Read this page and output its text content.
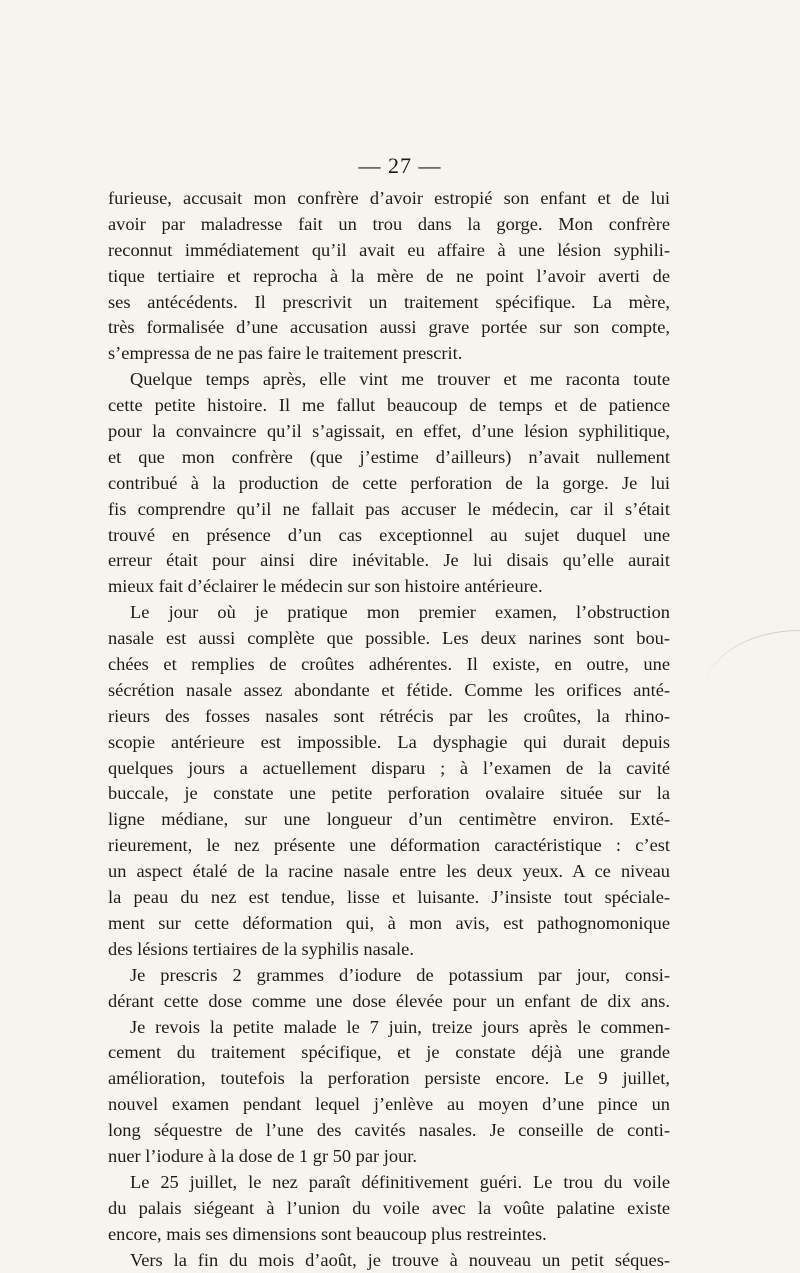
— 27 —
furieuse, accusait mon confrère d’avoir estropié son enfant et de lui
avoir par maladresse fait un trou dans la gorge. Mon confrère
reconnut immédiatement qu’il avait eu affaire à une lésion syphili-
tique tertiaire et reprocha à la mère de ne point l’avoir averti de
ses antécédents. Il prescrivit un traitement spécifique. La mère,
très formalisée d’une accusation aussi grave portée sur son compte,
s’empressa de ne pas faire le traitement prescrit.
Quelque temps après, elle vint me trouver et me raconta toute
cette petite histoire. Il me fallut beaucoup de temps et de patience
pour la convaincre qu’il s’agissait, en effet, d’une lésion syphilitique,
et que mon confrère (que j’estime d’ailleurs) n’avait nullement
contribué à la production de cette perforation de la gorge. Je lui
fis comprendre qu’il ne fallait pas accuser le médecin, car il s’était
trouvé en présence d’un cas exceptionnel au sujet duquel une
erreur était pour ainsi dire inévitable. Je lui disais qu’elle aurait
mieux fait d’éclairer le médecin sur son histoire antérieure.
Le jour où je pratique mon premier examen, l’obstruction
nasale est aussi complète que possible. Les deux narines sont bou-
chées et remplies de croûtes adhérentes. Il existe, en outre, une
sécrétion nasale assez abondante et fétide. Comme les orifices anté-
rieurs des fosses nasales sont rétrécis par les croûtes, la rhino-
scopie antérieure est impossible. La dysphagie qui durait depuis
quelques jours a actuellement disparu ; à l’examen de la cavité
buccale, je constate une petite perforation ovalaire située sur la
ligne médiane, sur une longueur d’un centimètre environ. Exté-
rieurement, le nez présente une déformation caractéristique : c’est
un aspect étalé de la racine nasale entre les deux yeux. A ce niveau
la peau du nez est tendue, lisse et luisante. J’insiste tout spéciale-
ment sur cette déformation qui, à mon avis, est pathognomonique
des lésions tertiaires de la syphilis nasale.
Je prescris 2 grammes d’iodure de potassium par jour, consi-
dérant cette dose comme une dose élevée pour un enfant de dix ans.
Je revois la petite malade le 7 juin, treize jours après le commen-
cement du traitement spécifique, et je constate déjà une grande
amélioration, toutefois la perforation persiste encore. Le 9 juillet,
nouvel examen pendant lequel j’enlève au moyen d’une pince un
long séquestre de l’une des cavités nasales. Je conseille de conti-
nuer l’iodure à la dose de 1 gr 50 par jour.
Le 25 juillet, le nez paraît définitivement guéri. Le trou du voile
du palais siégeant à l’union du voile avec la voûte palatine existe
encore, mais ses dimensions sont beaucoup plus restreintes.
Vers la fin du mois d’août, je trouve à nouveau un petit séques-
